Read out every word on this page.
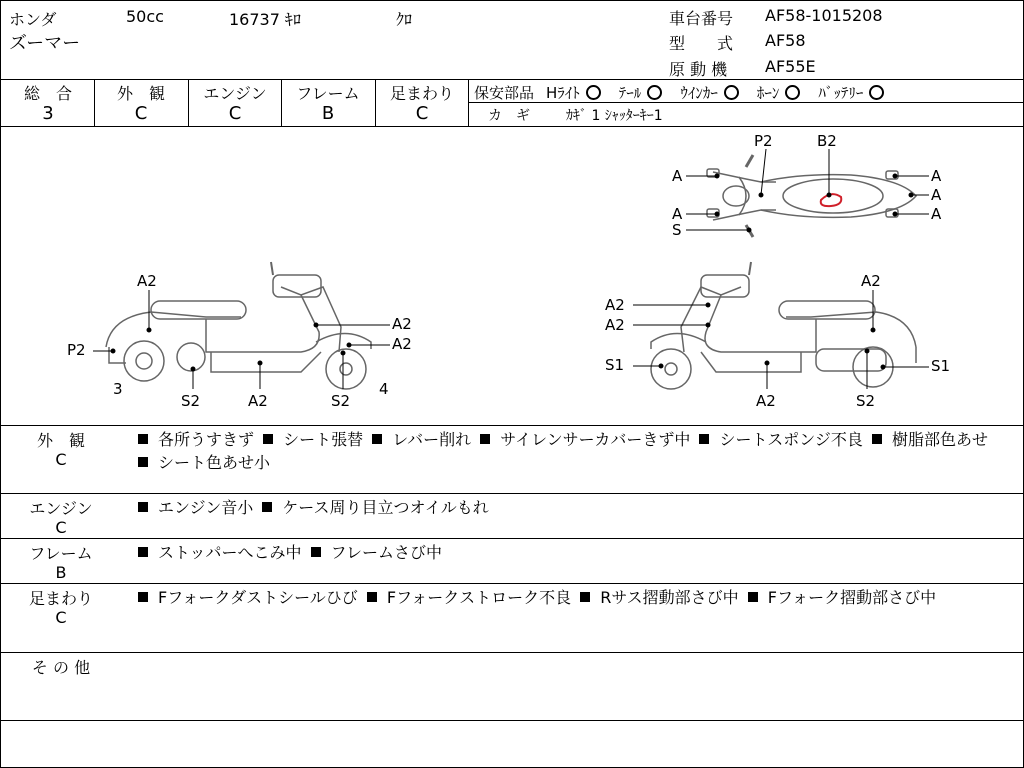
ホンダ	50cc	16737 ｷﾛ	ｸﾛ
ズーマー
車台番号 AF58-1015208
型　　式 AF58
原 動 機 AF55E
総　合
3
外　観
C
エンジン
C
フレーム
B
足まわり
C
保安部品 Hﾗｲﾄ	ﾃｰﾙ	ｳｲﾝｶｰ	ﾎｰﾝ	ﾊﾞｯﾃﾘｰ
カ　ギ	ｶｷﾞ 1 ｼｬｯﾀｰｷｰ1
P2	B2
A
A
S
A
A
A
A2
P2
A2
A2
3
S2	A2	S2
4
A2
A2
A2
S1	S1
A2	S2
外　観
C
各所うすきず シート張替 レバー削れ サイレンサーカバーきず中 シートスポンジ不良 樹脂部色あせ シート色あせ小
エンジン
C
エンジン音小 ケース周り目立つオイルもれ
フレーム
B
ストッパーへこみ中 フレームさび中
足まわり
C
Fフォークダストシールひび Fフォークストローク不良 Rサス摺動部さび中 Fフォーク摺動部さび中
そ の 他
